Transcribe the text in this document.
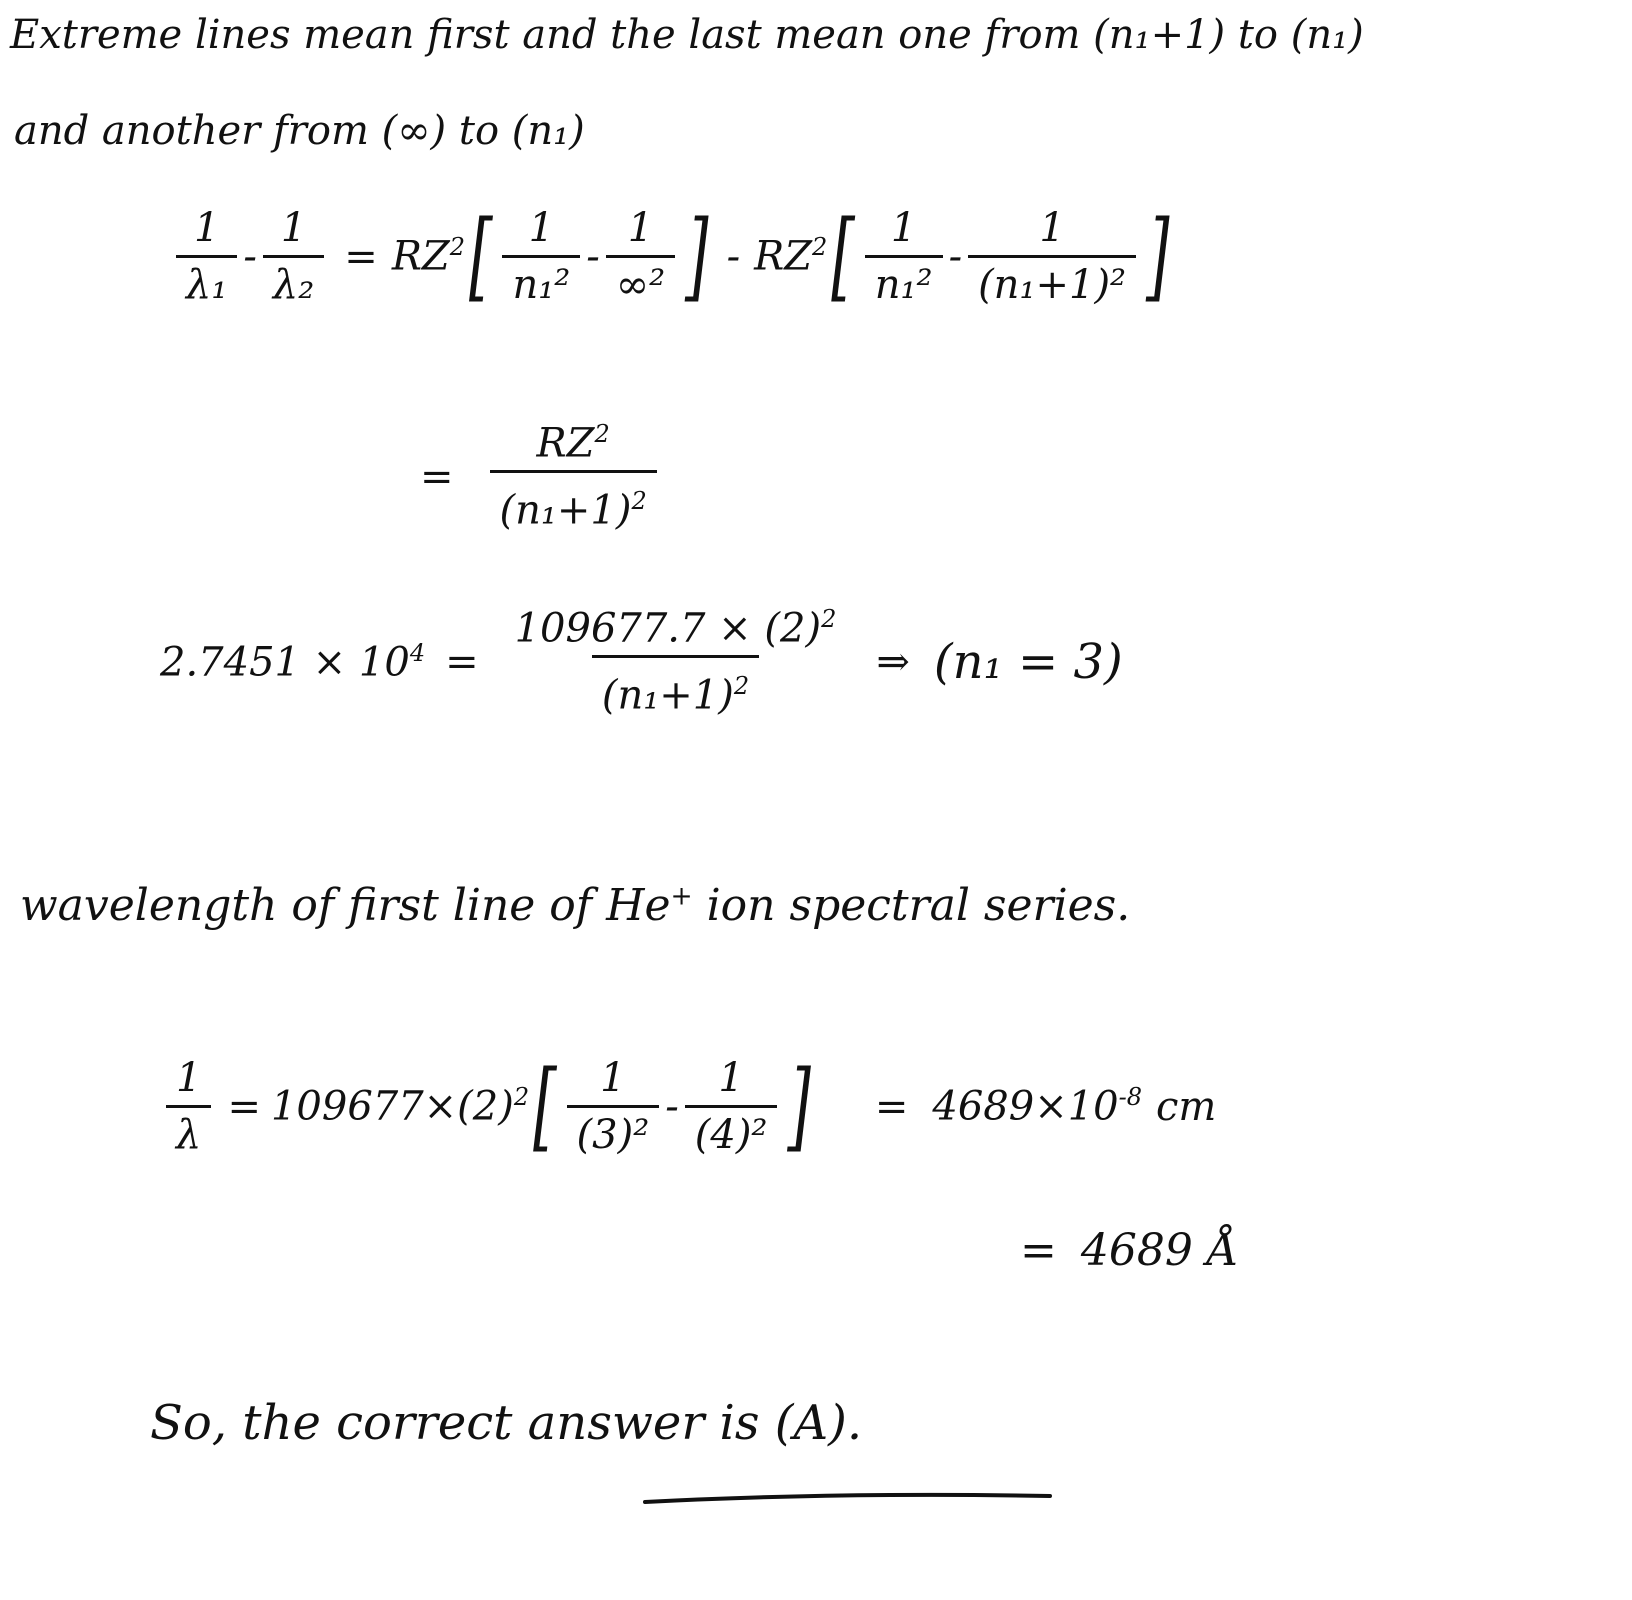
Extreme lines mean first and the last mean one from (n₁+1) to (n₁)
and another from (∞) to (n₁)
$\frac{1}{\text{λ₁}} - \frac{1}{\text{λ₂}} = RZ^2$ [ $\frac{1}{\text{n₁²}} - \frac{1}{\text{∞²}}$ ] - $RZ^2$ [ $\frac{1}{\text{n₁²}} - \frac{1}{\text{(n₁+1)²}}$ ]
= $\frac{RZ^2}{(n_1+1)^2}$
$2.7451 \times 10^4 = \frac{109677.7 \times (2)^2}{(n_1+1)^2}$ ⇒ (n₁ = 3)
wavelength of first line of He+ ion spectral series.
$\frac{1}{\lambda} = 109677\times(2)^2$ [ $\frac{1}{\text{(3)²}} - \frac{1}{\text{(4)²}}$ ] = $4689\times 10^{-8}$ cm
= 4689 Å
So, the correct answer is (A).
